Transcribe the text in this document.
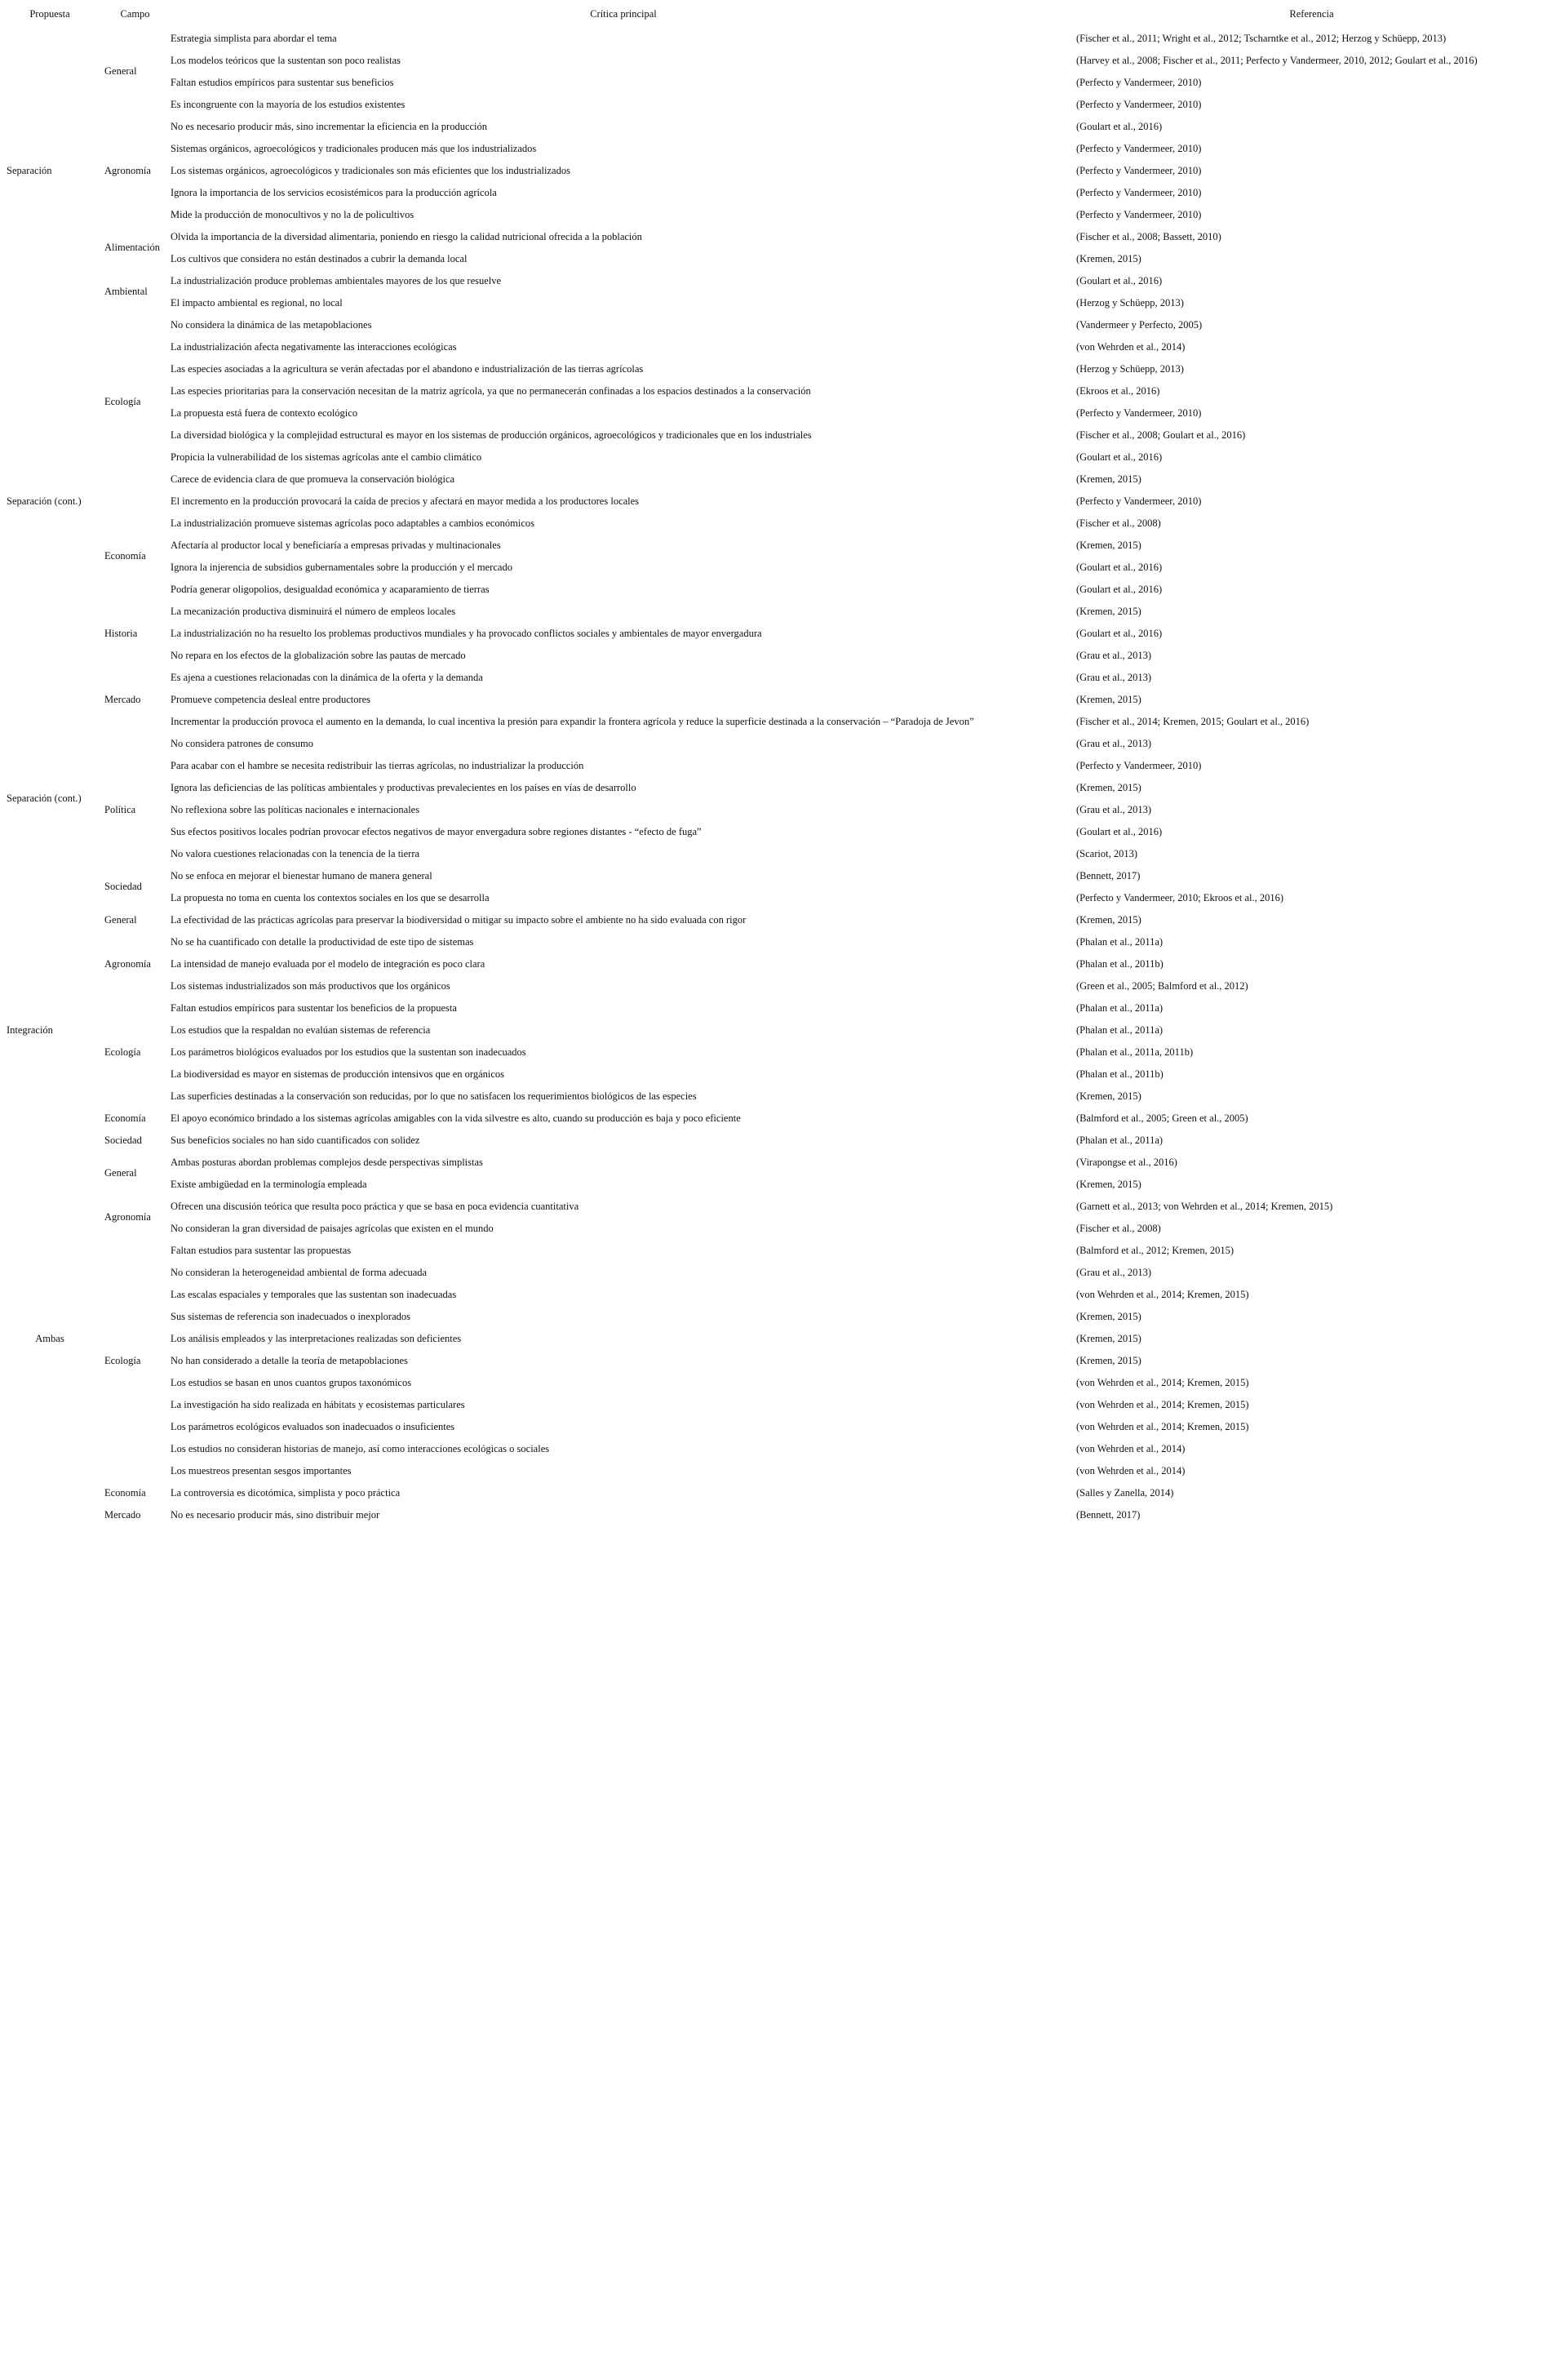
Propuesta	Campo	Crítica principal	Referencia
Separación	General	Estrategia simplista para abordar el tema	(Fischer et al., 2011; Wright et al., 2012; Tscharntke et al., 2012; Herzog y Schüepp, 2013)
		Los modelos teóricos que la sustentan son poco realistas	(Harvey et al., 2008; Fischer et al., 2011; Perfecto y Vandermeer, 2010, 2012; Goulart et al., 2016)
		Faltan estudios empíricos para sustentar sus beneficios	(Perfecto y Vandermeer, 2010)
		Es incongruente con la mayoría de los estudios existentes	(Perfecto y Vandermeer, 2010)
	Agronomía	No es necesario producir más, sino incrementar la eficiencia en la producción	(Goulart et al., 2016)
		Sistemas orgánicos, agroecológicos y tradicionales producen más que los industrializados	(Perfecto y Vandermeer, 2010)
		Los sistemas orgánicos, agroecológicos y tradicionales son más eficientes que los industrializados	(Perfecto y Vandermeer, 2010)
		Ignora la importancia de los servicios ecosistémicos para la producción agrícola	(Perfecto y Vandermeer, 2010)
		Mide la producción de monocultivos y no la de policultivos	(Perfecto y Vandermeer, 2010)
	Alimentación	Olvida la importancia de la diversidad alimentaria, poniendo en riesgo la calidad nutricional ofrecida a la población	(Fischer et al., 2008; Bassett, 2010)
		Los cultivos que considera no están destinados a cubrir la demanda local	(Kremen, 2015)
	Ambiental	La industrialización produce problemas ambientales mayores de los que resuelve	(Goulart et al., 2016)
		El impacto ambiental es regional, no local	(Herzog y Schüepp, 2013)
Separación (cont.)	Ecología	No considera la dinámica de las metapoblaciones	(Vandermeer y Perfecto, 2005)
		La industrialización afecta negativamente las interacciones ecológicas	(von Wehrden et al., 2014)
		Las especies asociadas a la agricultura se verán afectadas por el abandono e industrialización de las tierras agrícolas	(Herzog y Schüepp, 2013)
		Las especies prioritarias para la conservación necesitan de la matriz agrícola, ya que no permanecerán confinadas a los espacios destinados a la conservación	(Ekroos et al., 2016)
		La propuesta está fuera de contexto ecológico	(Perfecto y Vandermeer, 2010)
		La diversidad biológica y la complejidad estructural es mayor en los sistemas de producción orgánicos, agroecológicos y tradicionales que en los industriales	(Fischer et al., 2008; Goulart et al., 2016)
		Propicia la vulnerabilidad de los sistemas agrícolas ante el cambio climático	(Goulart et al., 2016)
		Carece de evidencia clara de que promueva la conservación biológica	(Kremen, 2015)
	Economía	El incremento en la producción provocará la caída de precios y afectará en mayor medida a los productores locales	(Perfecto y Vandermeer, 2010)
		La industrialización promueve sistemas agrícolas poco adaptables a cambios económicos	(Fischer et al., 2008)
		Afectaría al productor local y beneficiaría a empresas privadas y multinacionales	(Kremen, 2015)
		Ignora la injerencia de subsidios gubernamentales sobre la producción y el mercado	(Goulart et al., 2016)
		Podría generar oligopolios, desigualdad económica y acaparamiento de tierras	(Goulart et al., 2016)
		La mecanización productiva disminuirá el número de empleos locales	(Kremen, 2015)
	Historia	La industrialización no ha resuelto los problemas productivos mundiales y ha provocado conflictos sociales y ambientales de mayor envergadura	(Goulart et al., 2016)
	Mercado	No repara en los efectos de la globalización sobre las pautas de mercado	(Grau et al., 2013)
		Es ajena a cuestiones relacionadas con la dinámica de la oferta y la demanda	(Grau et al., 2013)
Separación (cont.)		Promueve competencia desleal entre productores	(Kremen, 2015)
		Incrementar la producción provoca el aumento en la demanda, lo cual incentiva la presión para expandir la frontera agrícola y reduce la superficie destinada a la conservación – “Paradoja de Jevon”	(Fischer et al., 2014; Kremen, 2015; Goulart et al., 2016)
		No considera patrones de consumo	(Grau et al., 2013)
	Política	Para acabar con el hambre se necesita redistribuir las tierras agrícolas, no industrializar la producción	(Perfecto y Vandermeer, 2010)
		Ignora las deficiencias de las políticas ambientales y productivas prevalecientes en los países en vías de desarrollo	(Kremen, 2015)
		No reflexiona sobre las políticas nacionales e internacionales	(Grau et al., 2013)
		Sus efectos positivos locales podrían provocar efectos negativos de mayor envergadura sobre regiones distantes - “efecto de fuga”	(Goulart et al., 2016)
		No valora cuestiones relacionadas con la tenencia de la tierra	(Scariot, 2013)
	Sociedad	No se enfoca en mejorar el bienestar humano de manera general	(Bennett, 2017)
		La propuesta no toma en cuenta los contextos sociales en los que se desarrolla	(Perfecto y Vandermeer, 2010; Ekroos et al., 2016)
Integración	General	La efectividad de las prácticas agrícolas para preservar la biodiversidad o mitigar su impacto sobre el ambiente no ha sido evaluada con rigor	(Kremen, 2015)
	Agronomía	No se ha cuantificado con detalle la productividad de este tipo de sistemas	(Phalan et al., 2011a)
		La intensidad de manejo evaluada por el modelo de integración es poco clara	(Phalan et al., 2011b)
		Los sistemas industrializados son más productivos que los orgánicos	(Green et al., 2005; Balmford et al., 2012)
	Ecología	Faltan estudios empíricos para sustentar los beneficios de la propuesta	(Phalan et al., 2011a)
		Los estudios que la respaldan no evalúan sistemas de referencia	(Phalan et al., 2011a)
		Los parámetros biológicos evaluados por los estudios que la sustentan son inadecuados	(Phalan et al., 2011a, 2011b)
		La biodiversidad es mayor en sistemas de producción intensivos que en orgánicos	(Phalan et al., 2011b)
		Las superficies destinadas a la conservación son reducidas, por lo que no satisfacen los requerimientos biológicos de las especies	(Kremen, 2015)
	Economía	El apoyo económico brindado a los sistemas agrícolas amigables con la vida silvestre es alto, cuando su producción es baja y poco eficiente	(Balmford et al., 2005; Green et al., 2005)
	Sociedad	Sus beneficios sociales no han sido cuantificados con solidez	(Phalan et al., 2011a)
Ambas	General	Ambas posturas abordan problemas complejos desde perspectivas simplistas	(Virapongse et al., 2016)
		Existe ambigüedad en la terminología empleada	(Kremen, 2015)
	Agronomía	Ofrecen una discusión teórica que resulta poco práctica y que se basa en poca evidencia cuantitativa	(Garnett et al., 2013; von Wehrden et al., 2014; Kremen, 2015)
		No consideran la gran diversidad de paisajes agrícolas que existen en el mundo	(Fischer et al., 2008)
	Ecología	Faltan estudios para sustentar las propuestas	(Balmford et al., 2012; Kremen, 2015)
		No consideran la heterogeneidad ambiental de forma adecuada	(Grau et al., 2013)
		Las escalas espaciales y temporales que las sustentan son inadecuadas	(von Wehrden et al., 2014; Kremen, 2015)
		Sus sistemas de referencia son inadecuados o inexplorados	(Kremen, 2015)
		Los análisis empleados y las interpretaciones realizadas son deficientes	(Kremen, 2015)
		No han considerado a detalle la teoría de metapoblaciones	(Kremen, 2015)
		Los estudios se basan en unos cuantos grupos taxonómicos	(von Wehrden et al., 2014; Kremen, 2015)
		La investigación ha sido realizada en hábitats y ecosistemas particulares	(von Wehrden et al., 2014; Kremen, 2015)
		Los parámetros ecológicos evaluados son inadecuados o insuficientes	(von Wehrden et al., 2014; Kremen, 2015)
		Los estudios no consideran historias de manejo, así como interacciones ecológicas o sociales	(von Wehrden et al., 2014)
		Los muestreos presentan sesgos importantes	(von Wehrden et al., 2014)
	Economía	La controversia es dicotómica, simplista y poco práctica	(Salles y Zanella, 2014)
	Mercado	No es necesario producir más, sino distribuir mejor	(Bennett, 2017)
